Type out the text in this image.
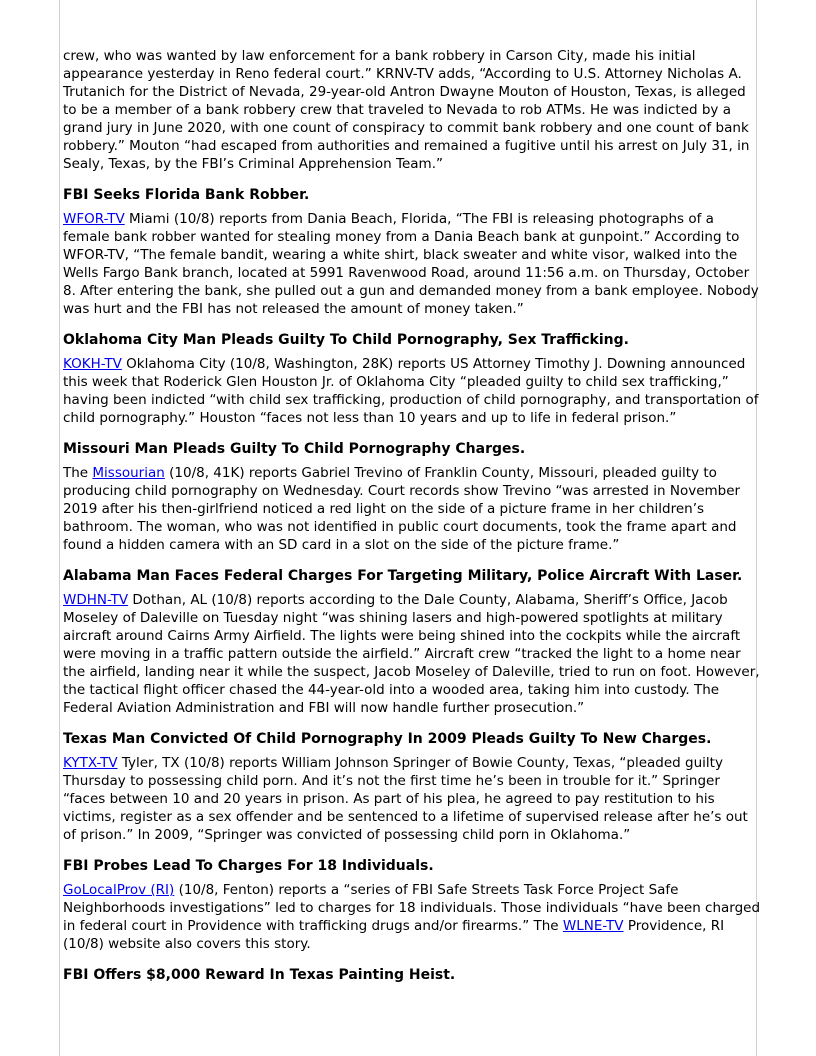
crew, who was wanted by law enforcement for a bank robbery in Carson City, made his initial appearance yesterday in Reno federal court.” KRNV-TV adds, “According to U.S. Attorney Nicholas A. Trutanich for the District of Nevada, 29-year-old Antron Dwayne Mouton of Houston, Texas, is alleged to be a member of a bank robbery crew that traveled to Nevada to rob ATMs. He was indicted by a grand jury in June 2020, with one count of conspiracy to commit bank robbery and one count of bank robbery.” Mouton “had escaped from authorities and remained a fugitive until his arrest on July 31, in Sealy, Texas, by the FBI’s Criminal Apprehension Team.”

FBI Seeks Florida Bank Robber.

WFOR-TV Miami (10/8) reports from Dania Beach, Florida, “The FBI is releasing photographs of a female bank robber wanted for stealing money from a Dania Beach bank at gunpoint.” According to WFOR-TV, “The female bandit, wearing a white shirt, black sweater and white visor, walked into the Wells Fargo Bank branch, located at 5991 Ravenwood Road, around 11:56 a.m. on Thursday, October 8. After entering the bank, she pulled out a gun and demanded money from a bank employee. Nobody was hurt and the FBI has not released the amount of money taken.”

Oklahoma City Man Pleads Guilty To Child Pornography, Sex Trafficking.

KOKH-TV Oklahoma City (10/8, Washington, 28K) reports US Attorney Timothy J. Downing announced this week that Roderick Glen Houston Jr. of Oklahoma City “pleaded guilty to child sex trafficking,” having been indicted “with child sex trafficking, production of child pornography, and transportation of child pornography.” Houston “faces not less than 10 years and up to life in federal prison.”

Missouri Man Pleads Guilty To Child Pornography Charges.

The Missourian (10/8, 41K) reports Gabriel Trevino of Franklin County, Missouri, pleaded guilty to producing child pornography on Wednesday. Court records show Trevino “was arrested in November 2019 after his then-girlfriend noticed a red light on the side of a picture frame in her children’s bathroom. The woman, who was not identified in public court documents, took the frame apart and found a hidden camera with an SD card in a slot on the side of the picture frame.”

Alabama Man Faces Federal Charges For Targeting Military, Police Aircraft With Laser.

WDHN-TV Dothan, AL (10/8) reports according to the Dale County, Alabama, Sheriff’s Office, Jacob Moseley of Daleville on Tuesday night “was shining lasers and high-powered spotlights at military aircraft around Cairns Army Airfield. The lights were being shined into the cockpits while the aircraft were moving in a traffic pattern outside the airfield.” Aircraft crew “tracked the light to a home near the airfield, landing near it while the suspect, Jacob Moseley of Daleville, tried to run on foot. However, the tactical flight officer chased the 44-year-old into a wooded area, taking him into custody. The Federal Aviation Administration and FBI will now handle further prosecution.”

Texas Man Convicted Of Child Pornography In 2009 Pleads Guilty To New Charges.

KYTX-TV Tyler, TX (10/8) reports William Johnson Springer of Bowie County, Texas, “pleaded guilty Thursday to possessing child porn. And it’s not the first time he’s been in trouble for it.” Springer “faces between 10 and 20 years in prison. As part of his plea, he agreed to pay restitution to his victims, register as a sex offender and be sentenced to a lifetime of supervised release after he’s out of prison.” In 2009, “Springer was convicted of possessing child porn in Oklahoma.”

FBI Probes Lead To Charges For 18 Individuals.

GoLocalProv (RI) (10/8, Fenton) reports a “series of FBI Safe Streets Task Force Project Safe Neighborhoods investigations” led to charges for 18 individuals. Those individuals “have been charged in federal court in Providence with trafficking drugs and/or firearms.” The WLNE-TV Providence, RI (10/8) website also covers this story.

FBI Offers $8,000 Reward In Texas Painting Heist.
